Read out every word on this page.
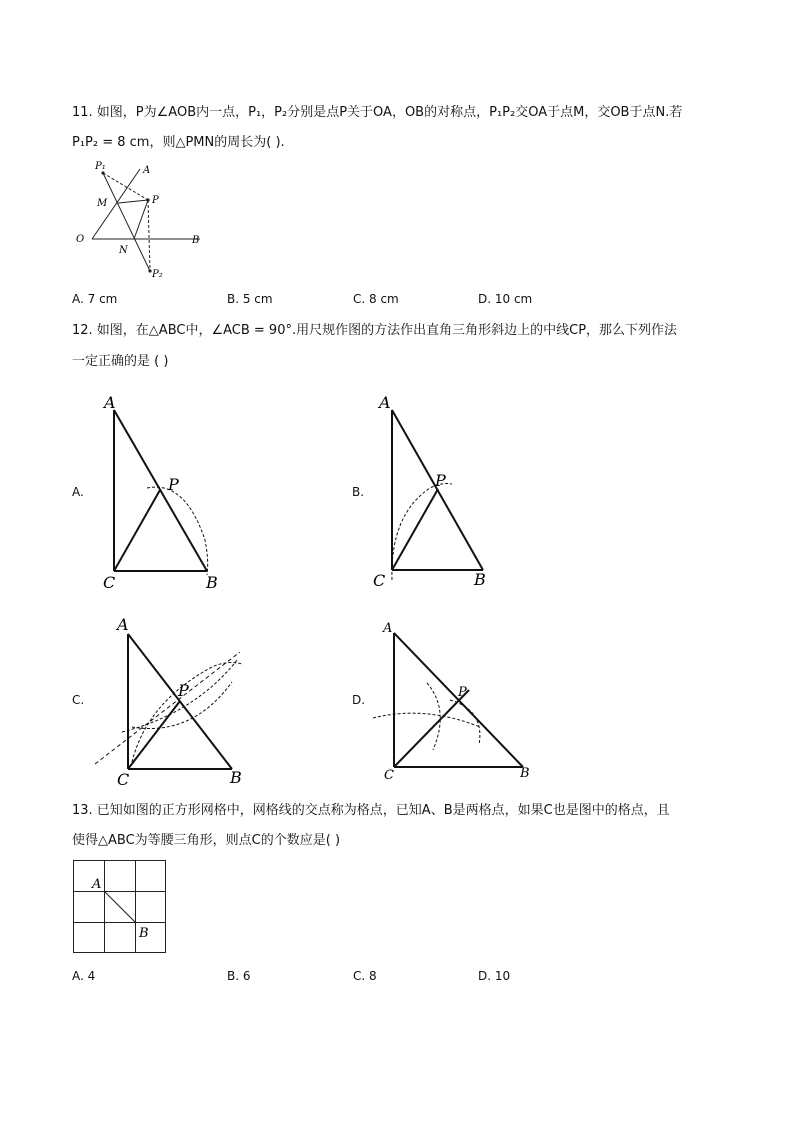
11. 如图，P为∠AOB内一点，P₁，P₂分别是点P关于OA，OB的对称点，P₁P₂交OA于点M，交OB于点N.若
P₁P₂ = 8 cm，则△PMN的周长为( ).
P₁	A
M	P
O
N
B
P₂
A. 7 cm	B. 5 cm	C. 8 cm	D. 10 cm
12. 如图，在△ABC中，∠ACB = 90°.用尺规作图的方法作出直角三角形斜边上的中线CP，那么下列作法
一定正确的是 ( )
A.
A
P
C	B
B.
A
P
C	B
C.
A
P
C	B
D.
A
P
C	B
13. 已知如图的正方形网格中，网格线的交点称为格点，已知A、B是两格点，如果C也是图中的格点，且
使得△ABC为等腰三角形，则点C的个数应是( )
A
B
A. 4	B. 6	C. 8	D. 10
